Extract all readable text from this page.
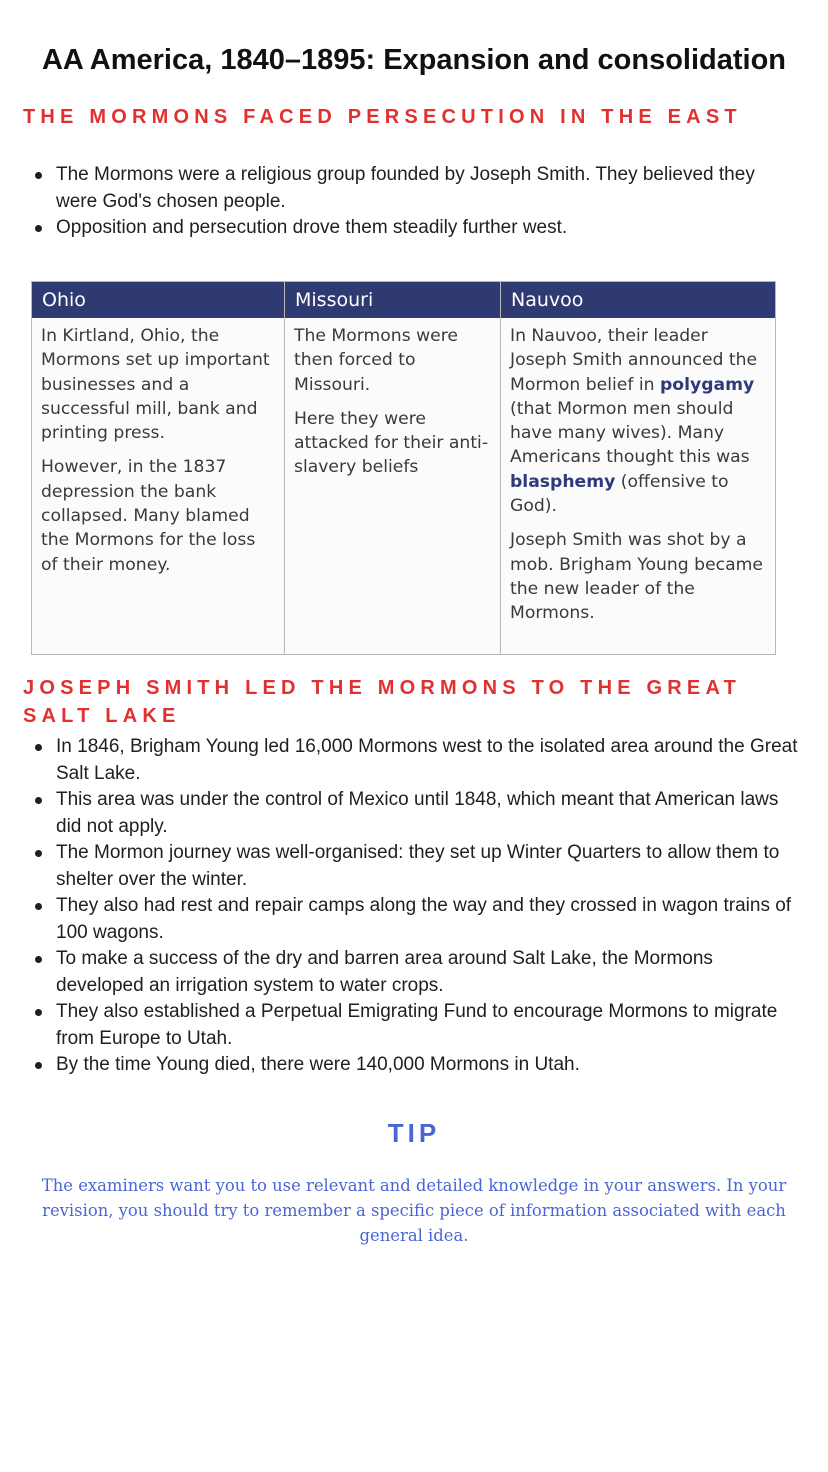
AA America, 1840–1895: Expansion and consolidation
THE MORMONS FACED PERSECUTION IN THE EAST
The Mormons were a religious group founded by Joseph Smith. They believed they were God's chosen people.
Opposition and persecution drove them steadily further west.
Ohio

In Kirtland, Ohio, the Mormons set up important businesses and a successful mill, bank and printing press.

However, in the 1837 depression the bank collapsed. Many blamed the Mormons for the loss of their money.

Missouri

The Mormons were then forced to Missouri.

Here they were attacked for their anti-slavery beliefs

Nauvoo

In Nauvoo, their leader Joseph Smith announced the Mormon belief in polygamy (that Mormon men should have many wives). Many Americans thought this was blasphemy (offensive to God).

Joseph Smith was shot by a mob. Brigham Young became the new leader of the Mormons.

JOSEPH SMITH LED THE MORMONS TO THE GREAT SALT LAKE
In 1846, Brigham Young led 16,000 Mormons west to the isolated area around the Great Salt Lake.
This area was under the control of Mexico until 1848, which meant that American laws did not apply.
The Mormon journey was well-organised: they set up Winter Quarters to allow them to shelter over the winter.
They also had rest and repair camps along the way and they crossed in wagon trains of 100 wagons.
To make a success of the dry and barren area around Salt Lake, the Mormons developed an irrigation system to water crops.
They also established a Perpetual Emigrating Fund to encourage Mormons to migrate from Europe to Utah.
By the time Young died, there were 140,000 Mormons in Utah.
TIP
The examiners want you to use relevant and detailed knowledge in your answers. In your revision, you should try to remember a specific piece of information associated with each general idea.
